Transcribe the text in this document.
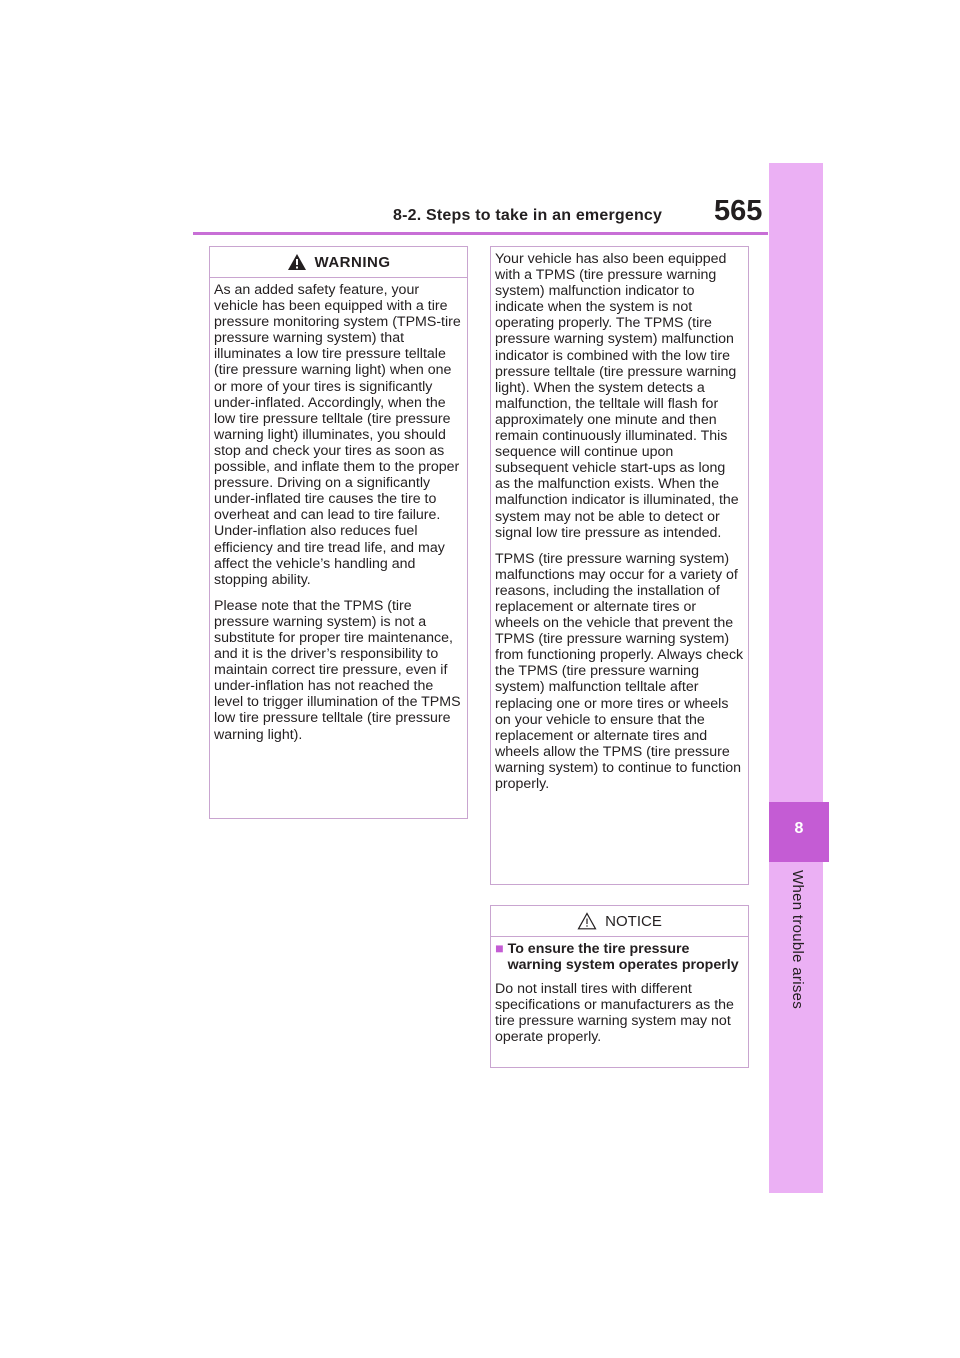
8-2. Steps to take in an emergency 565
8
When trouble arises
WARNING

As an added safety feature, your vehicle has been equipped with a tire pressure monitoring system (TPMS-tire pressure warning system) that illuminates a low tire pressure telltale (tire pressure warning light) when one or more of your tires is significantly under-inflated. Accordingly, when the low tire pressure telltale (tire pressure warning light) illuminates, you should stop and check your tires as soon as possible, and inflate them to the proper pressure. Driving on a significantly under-inflated tire causes the tire to overheat and can lead to tire failure. Under-inflation also reduces fuel efficiency and tire tread life, and may affect the vehicle’s handling and stopping ability.

Please note that the TPMS (tire pressure warning system) is not a substitute for proper tire maintenance, and it is the driver’s responsibility to maintain correct tire pressure, even if under-inflation has not reached the level to trigger illumination of the TPMS low tire pressure telltale (tire pressure warning light).

Your vehicle has also been equipped with a TPMS (tire pressure warning system) malfunction indicator to indicate when the system is not operating properly. The TPMS (tire pressure warning system) malfunction indicator is combined with the low tire pressure telltale (tire pressure warning light). When the system detects a malfunction, the telltale will flash for approximately one minute and then remain continuously illuminated. This sequence will continue upon subsequent vehicle start-ups as long as the malfunction exists. When the malfunction indicator is illuminated, the system may not be able to detect or signal low tire pressure as intended.

TPMS (tire pressure warning system) malfunctions may occur for a variety of reasons, including the installation of replacement or alternate tires or wheels on the vehicle that prevent the TPMS (tire pressure warning system) from functioning properly. Always check the TPMS (tire pressure warning system) malfunction telltale after replacing one or more tires or wheels on your vehicle to ensure that the replacement or alternate tires and wheels allow the TPMS (tire pressure warning system) to continue to function properly.

NOTICE
■ To ensure the tire pressure warning system operates properly

Do not install tires with different specifications or manufacturers as the tire pressure warning system may not operate properly.
